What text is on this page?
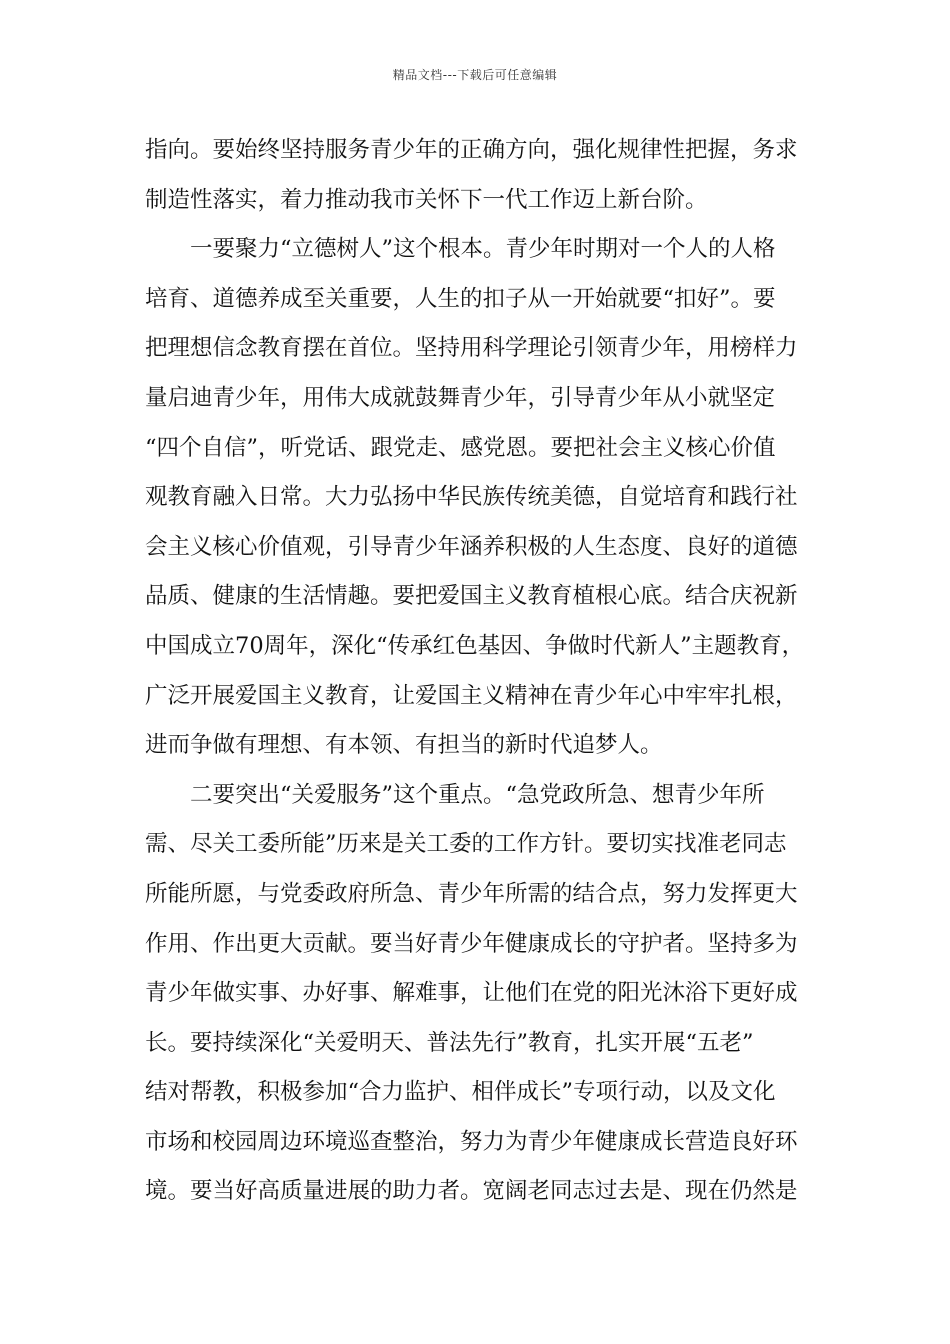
精品文档---下载后可任意编辑
指向。要始终坚持服务青少年的正确方向，强化规律性把握，务求
制造性落实，着力推动我市关怀下一代工作迈上新台阶。
　　一要聚力“立德树人”这个根本。青少年时期对一个人的人格
培育、道德养成至关重要，人生的扣子从一开始就要“扣好”。要
把理想信念教育摆在首位。坚持用科学理论引领青少年，用榜样力
量启迪青少年，用伟大成就鼓舞青少年，引导青少年从小就坚定
“四个自信”，听党话、跟党走、感党恩。要把社会主义核心价值
观教育融入日常。大力弘扬中华民族传统美德，自觉培育和践行社
会主义核心价值观，引导青少年涵养积极的人生态度、良好的道德
品质、健康的生活情趣。要把爱国主义教育植根心底。结合庆祝新
中国成立70周年，深化“传承红色基因、争做时代新人”主题教育，
广泛开展爱国主义教育，让爱国主义精神在青少年心中牢牢扎根，
进而争做有理想、有本领、有担当的新时代追梦人。
　　二要突出“关爱服务”这个重点。“急党政所急、想青少年所
需、尽关工委所能”历来是关工委的工作方针。要切实找准老同志
所能所愿，与党委政府所急、青少年所需的结合点，努力发挥更大
作用、作出更大贡献。要当好青少年健康成长的守护者。坚持多为
青少年做实事、办好事、解难事，让他们在党的阳光沐浴下更好成
长。要持续深化“关爱明天、普法先行”教育，扎实开展“五老”
结对帮教，积极参加“合力监护、相伴成长”专项行动，以及文化
市场和校园周边环境巡查整治，努力为青少年健康成长营造良好环
境。要当好高质量进展的助力者。宽阔老同志过去是、现在仍然是
